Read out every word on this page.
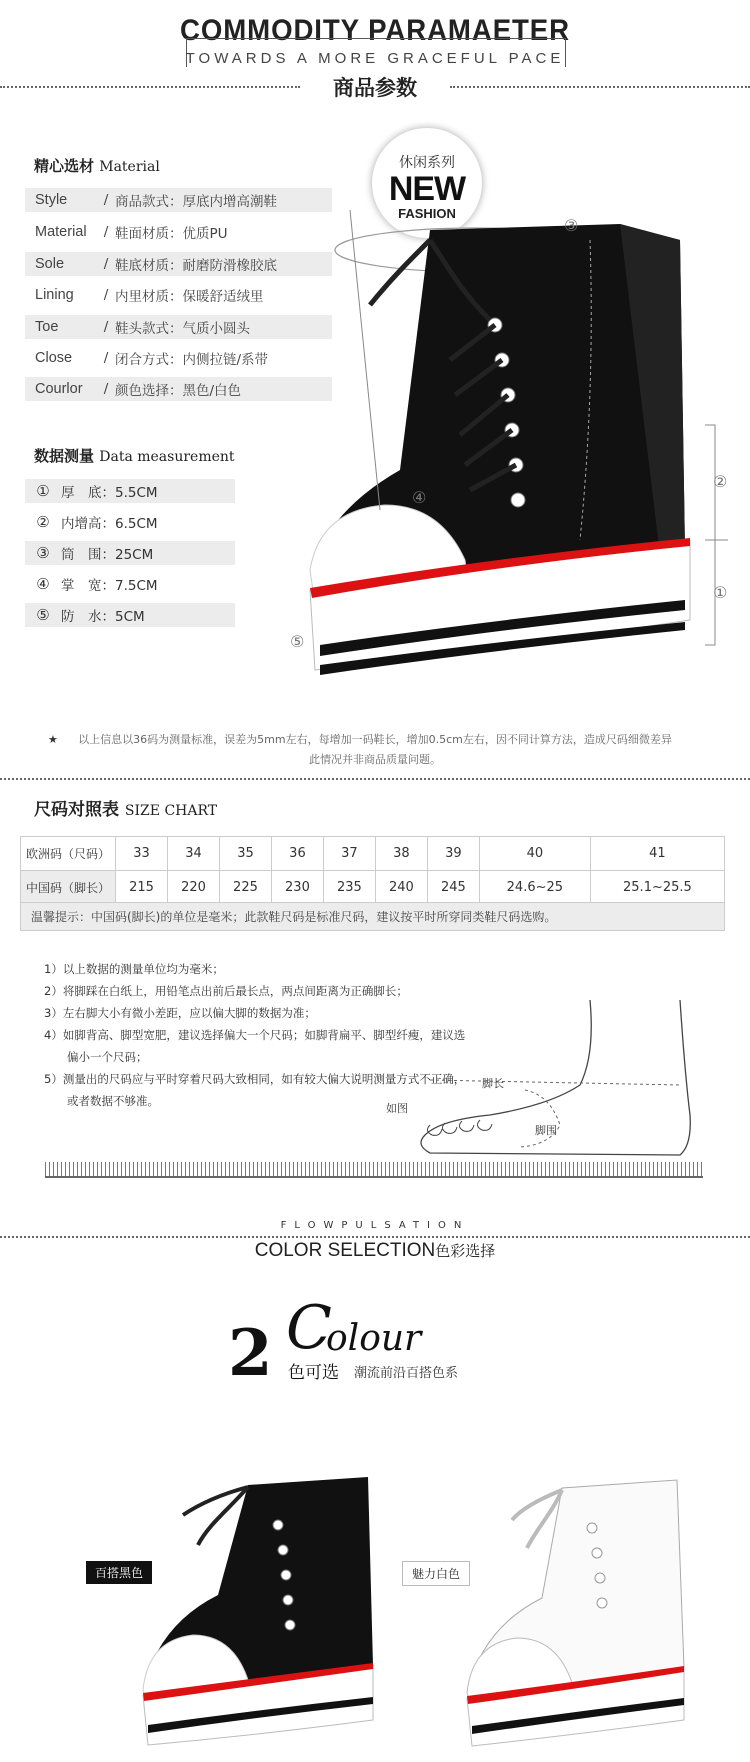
COMMODITY PARAMAETER
TOWARDS A MORE GRACEFUL PACE
商品参数
精心选材 Material
Style	/ 商品款式：厚底内增高潮鞋
Material	/ 鞋面材质：优质PU
Sole	/ 鞋底材质：耐磨防滑橡胶底
Lining	/ 内里材质：保暖舒适绒里
Toe	/ 鞋头款式：气质小圆头
Close	/ 闭合方式：内侧拉链/系带
Courlor	/ 颜色选择：黑色/白色
数据测量 Data measurement
① 厚　底：5.5CM
② 内增高：6.5CM
③ 筒　围：25CM
④ 掌　宽：7.5CM
⑤ 防　水：5CM
休闲系列
NEW
FASHION
③
②
①
④
⑤
★ 以上信息以36码为测量标准，误差为5mm左右，每增加一码鞋长，增加0.5cm左右，因不同计算方法，造成尺码细微差异
此情况并非商品质量问题。
尺码对照表 SIZE CHART
欧洲码（尺码）	33	34	35	36	37	38	39	40	41
中国码（脚长）	215	220	225	230	235	240	245	24.6~25	25.1~25.5
温馨提示：中国码(脚长)的单位是毫米；此款鞋尺码是标准尺码，建议按平时所穿同类鞋尺码选购。
1）以上数据的测量单位均为毫米；
2）将脚踩在白纸上，用铅笔点出前后最长点，两点间距离为正确脚长；
3）左右脚大小有微小差距，应以偏大脚的数据为准；
4）如脚背高、脚型宽肥，建议选择偏大一个尺码；如脚背扁平、脚型纤瘦，建议选
　　偏小一个尺码；
5）测量出的尺码应与平时穿着尺码大致相同，如有较大偏大说明测量方式不正确，
　　或者数据不够准。
脚长
脚围
如图
FLOWPULSATION
COLOR SELECTION色彩选择
2 C
olour
色可选 潮流前沿百搭色系
百搭黑色	魅力白色
